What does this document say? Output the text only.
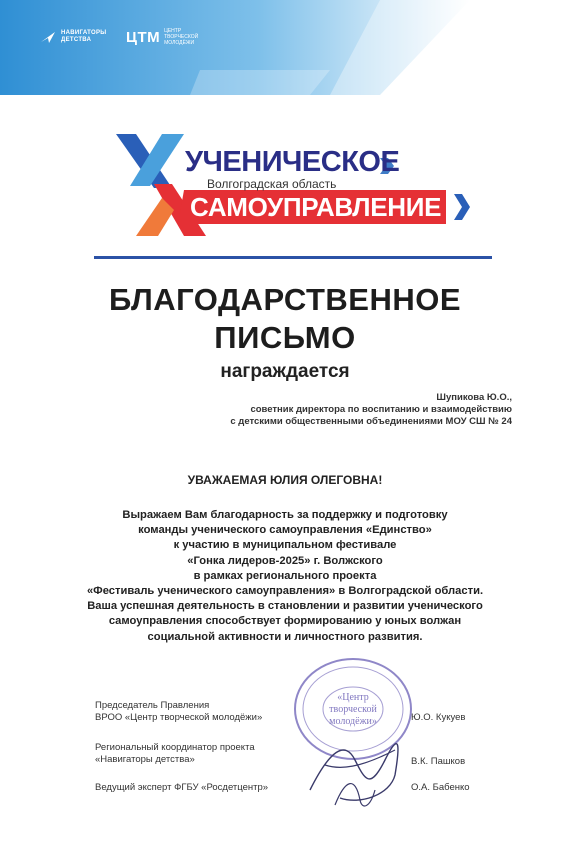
НАВИГАТОРЫ
ДЕТСТВА	ЦТМ ЦЕНТР
ТВОРЧЕСКОЙ
МОЛОДЁЖИ
УЧЕНИЧЕСКОЕ
Волгоградская область
САМОУПРАВЛЕНИЕ
БЛАГОДАРСТВЕННОЕ
ПИСЬМО
награждается
Шупикова Ю.О.,
советник директора по воспитанию и взаимодействию
с детскими общественными объединениями МОУ СШ № 24
УВАЖАЕМАЯ ЮЛИЯ ОЛЕГОВНА!
Выражаем Вам благодарность за поддержку и подготовку
команды ученического самоуправления «Единство»
к участию в муниципальном фестивале
«Гонка лидеров-2025» г. Волжского
в рамках регионального проекта
«Фестиваль ученического самоуправления» в Волгоградской области.
Ваша успешная деятельность в становлении и развитии ученического
самоуправления способствует формированию у юных волжан
социальной активности и личностного развития.
«Центр
творческой
молодёжи»
Председатель Правления
ВРОО «Центр творческой молодёжи»	Ю.О. Кукуев
Региональный координатор проекта
«Навигаторы детства»	В.К. Пашков
Ведущий эксперт ФГБУ «Росдетцентр»	О.А. Бабенко
